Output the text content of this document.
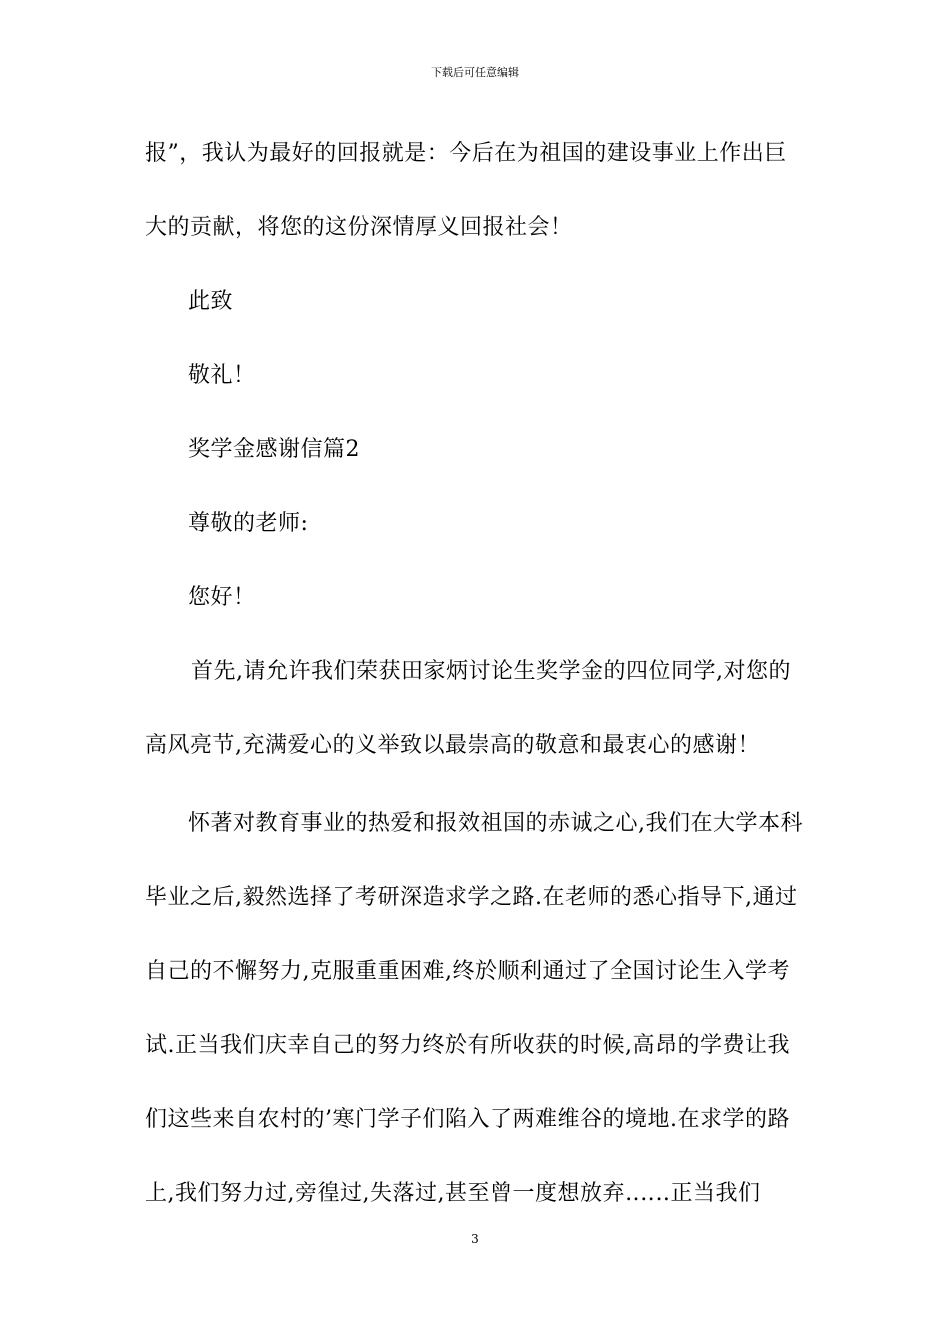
下载后可任意编辑
报”，我认为最好的回报就是：今后在为祖国的建设事业上作出巨
大的贡献，将您的这份深情厚义回报社会！
此致
敬礼！
奖学金感谢信篇2
尊敬的老师:
您好！
首先,请允许我们荣获田家炳讨论生奖学金的四位同学,对您的
高风亮节,充满爱心的义举致以最崇高的敬意和最衷心的感谢！
怀著对教育事业的热爱和报效祖国的赤诚之心,我们在大学本科
毕业之后,毅然选择了考研深造求学之路.在老师的悉心指导下,通过
自己的不懈努力,克服重重困难,终於顺利通过了全国讨论生入学考
试.正当我们庆幸自己的努力终於有所收获的时候,高昂的学费让我
们这些来自农村的’寒门学子们陷入了两难维谷的境地.在求学的路
上,我们努力过,旁徨过,失落过,甚至曾一度想放弃‥‥‥正当我们
3
